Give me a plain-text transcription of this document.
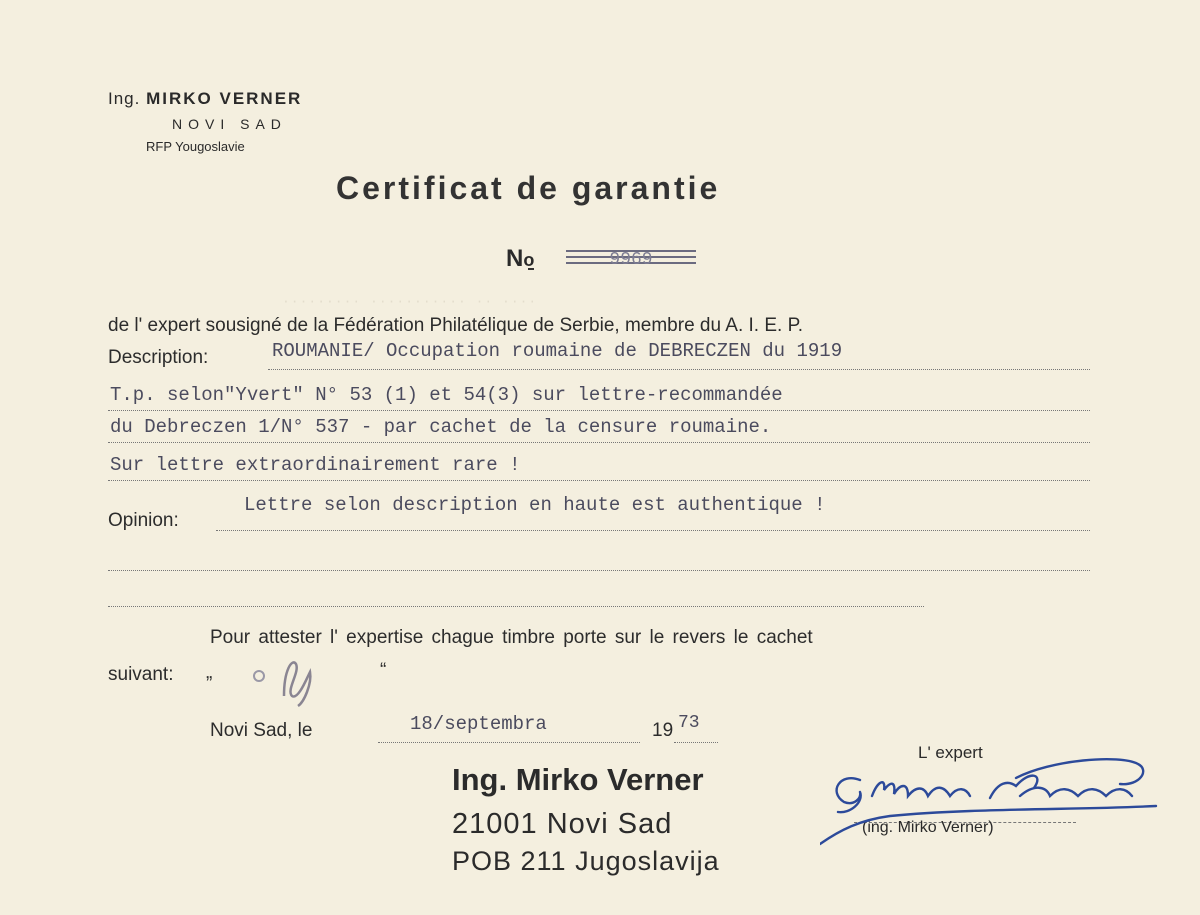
Ing. MIRKO VERNER
NOVI SAD
RFP Yougoslavie
Certificat de garantie
No	9969
········· ··········· ·· ····
de l' expert sousigné de la Fédération Philatélique de Serbie, membre du A. I. E. P.
Description:	ROUMANIE/ Occupation roumaine de DEBRECZEN du 1919
T.p. selon"Yvert" N° 53 (1) et 54(3) sur lettre-recommandée
du Debreczen 1/N° 537 - par cachet de la censure roumaine.
Sur lettre extraordinairement rare !
Opinion:
Lettre selon description en haute est authentique !
Pour attester l' expertise chague timbre porte sur le revers le cachet
suivant: „	“
Novi Sad, le	18/septembra	19 73
Ing. Mirko Verner
21001 Novi Sad
POB 211 Jugoslavija
L' expert
(ing. Mirko Verner)
